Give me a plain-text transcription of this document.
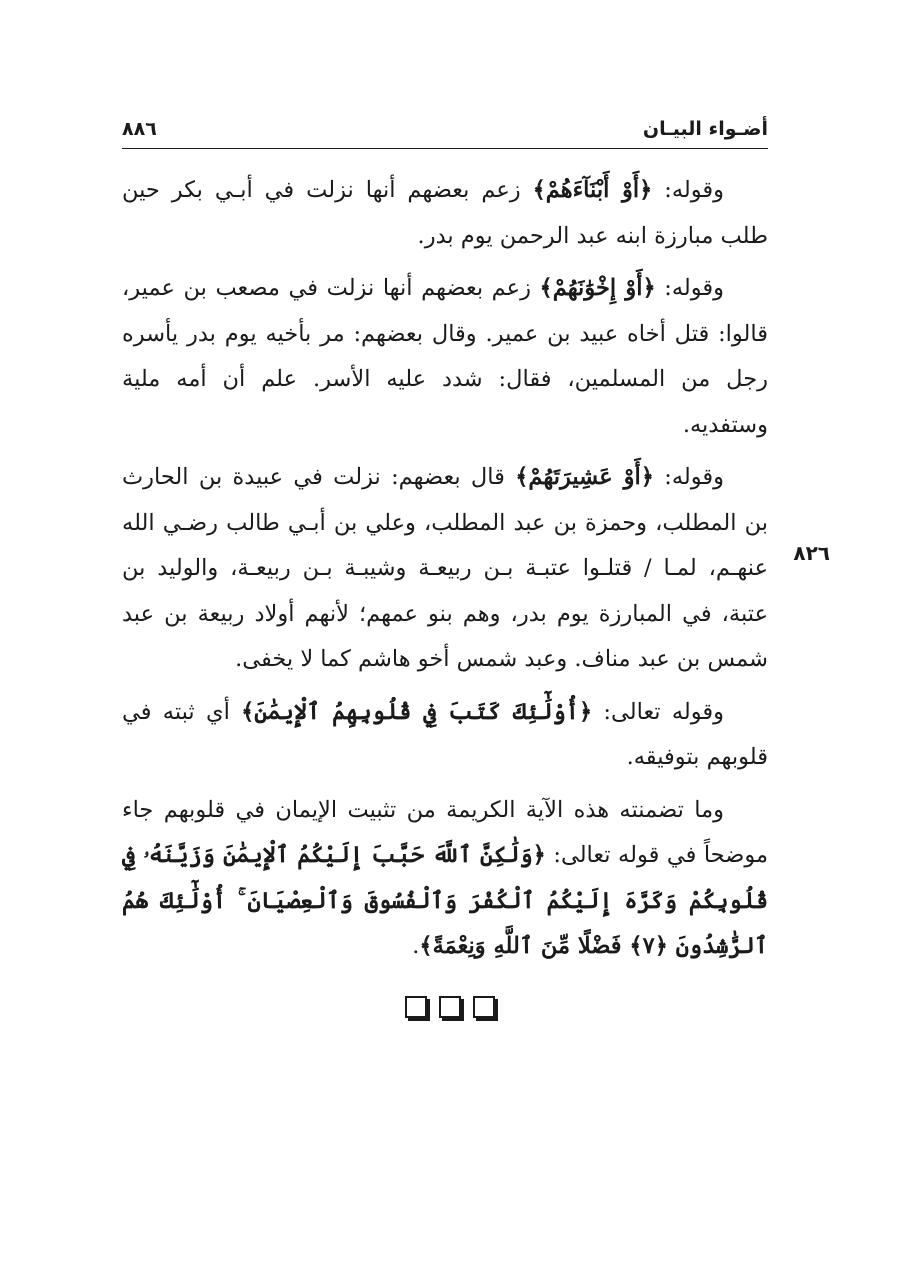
أضـواء البيـان
٨٨٦
٨٢٦

وقوله: ﴿أَوْ أَبْنَآءَهُمْ﴾ زعم بعضهم أنها نزلت في أبـي بكر حين طلب مبارزة ابنه عبد الرحمن يوم بدر.

وقوله: ﴿أَوْ إِخْوَٰنَهُمْ﴾ زعم بعضهم أنها نزلت في مصعب بن عمير، قالوا: قتل أخاه عبيد بن عمير. وقال بعضهم: مر بأخيه يوم بدر يأسره رجل من المسلمين، فقال: شدد عليه الأسر. علم أن أمه ملية وستفديه.

وقوله: ﴿أَوْ عَشِيرَتَهُمْ﴾ قال بعضهم: نزلت في عبيدة بن الحارث بن المطلب، وحمزة بن عبد المطلب، وعلي بن أبـي طالب رضـي الله عنهـم، لمـا / قتلـوا عتبـة بـن ربيعـة وشيبـة بـن ربيعـة، والوليد بن عتبة، في المبارزة يوم بدر، وهم بنو عمهم؛ لأنهم أولاد ربيعة بن عبد شمس بن عبد مناف. وعبد شمس أخو هاشم كما لا يخفى.

وقوله تعالى: ﴿أُوْلَٰٓئِكَ كَتَبَ فِي قُلُوبِهِمُ ٱلْإِيمَٰنَ﴾ أي ثبته في قلوبهم بتوفيقه.

وما تضمنته هذه الآية الكريمة من تثبيت الإيمان في قلوبهم جاء موضحاً في قوله تعالى: ﴿وَلَٰكِنَّ ٱللَّهَ حَبَّبَ إِلَيْكُمُ ٱلْإِيمَٰنَ وَزَيَّنَهُۥ فِي قُلُوبِكُمْ وَكَرَّهَ إِلَيْكُمُ ٱلْكُفْرَ وَٱلْفُسُوقَ وَٱلْعِصْيَانَ ۚ أُوْلَٰٓئِكَ هُمُ ٱلرَّٰشِدُونَ ﴿٧﴾ فَضْلًا مِّنَ ٱللَّهِ وَنِعْمَةً﴾.
